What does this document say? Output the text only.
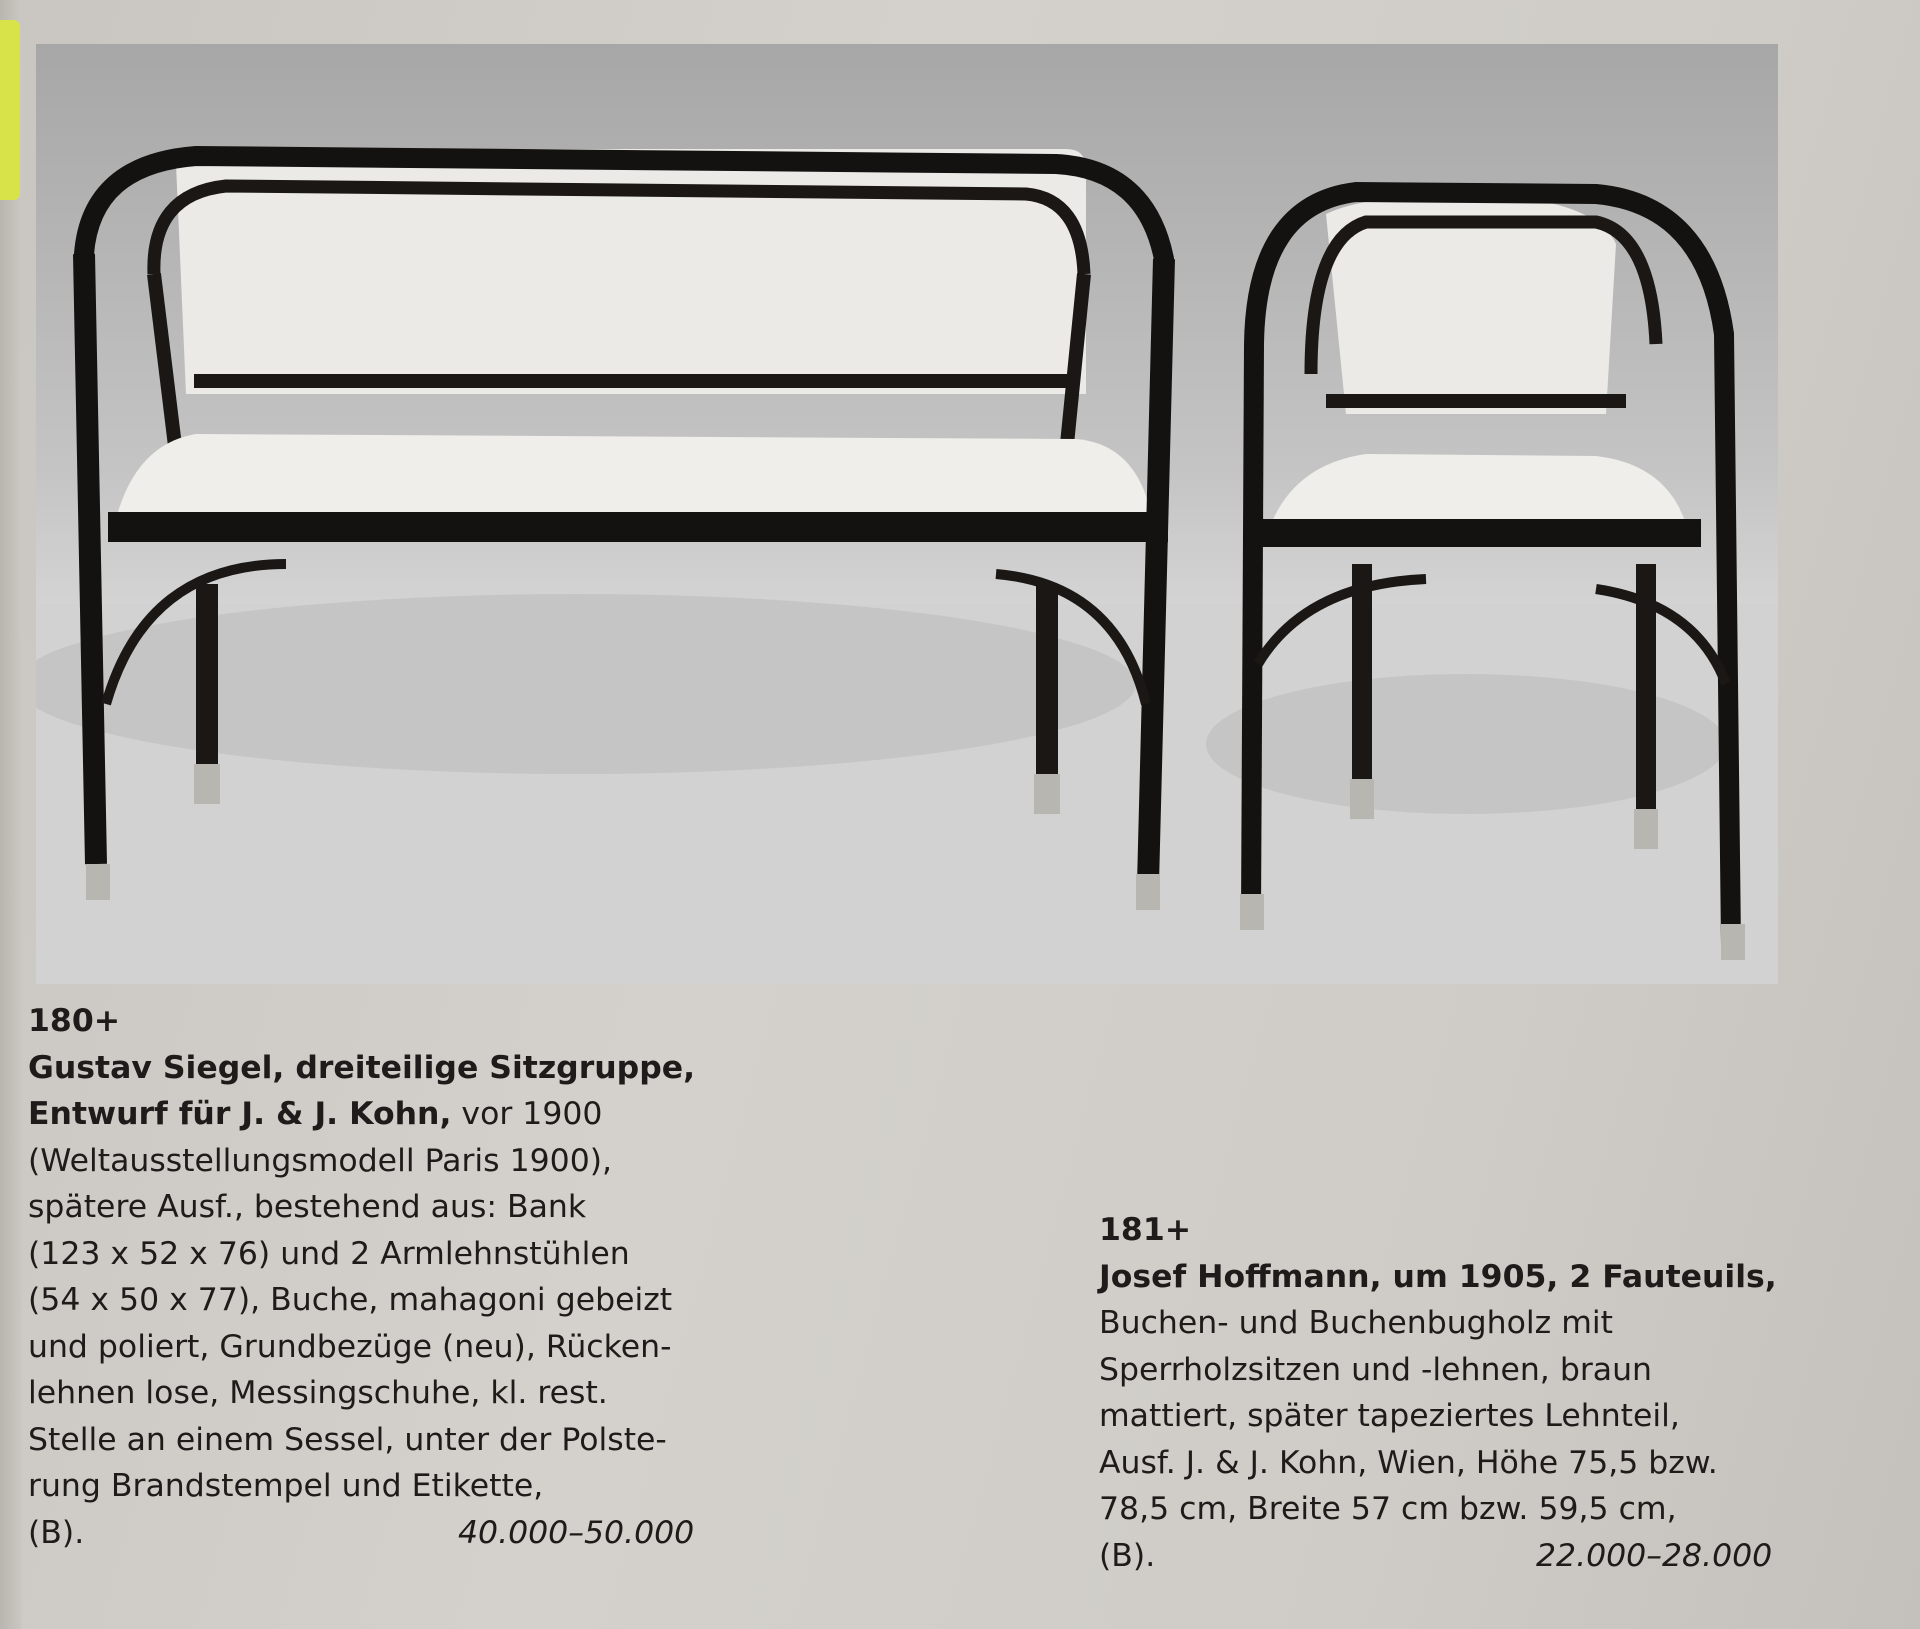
180+
Gustav Siegel, dreiteilige Sitzgruppe,
Entwurf für J. & J. Kohn, vor 1900
(Weltausstellungsmodell Paris 1900),
spätere Ausf., bestehend aus: Bank
(123 x 52 x 76) und 2 Armlehnstühlen
(54 x 50 x 77), Buche, mahagoni gebeizt
und poliert, Grundbezüge (neu), Rücken-
lehnen lose, Messingschuhe, kl. rest.
Stelle an einem Sessel, unter der Polste-
rung Brandstempel und Etikette,
(B).	40.000–50.000
181+
Josef Hoffmann, um 1905, 2 Fauteuils,
Buchen- und Buchenbugholz mit
Sperrholzsitzen und -lehnen, braun
mattiert, später tapeziertes Lehnteil,
Ausf. J. & J. Kohn, Wien, Höhe 75,5 bzw.
78,5 cm, Breite 57 cm bzw. 59,5 cm,
(B).	22.000–28.000
